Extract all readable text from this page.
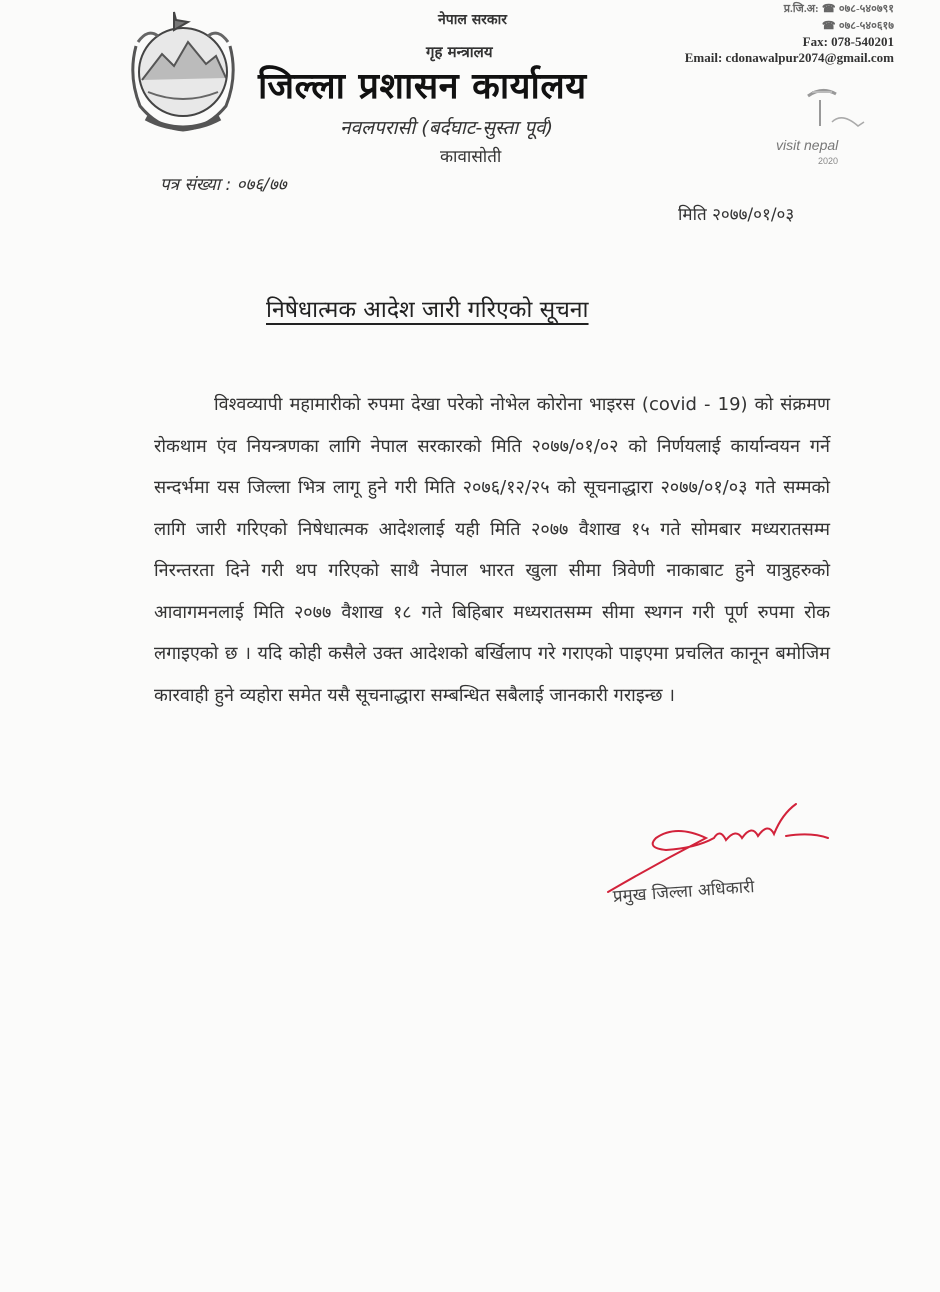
नेपाल सरकार
गृह मन्त्रालय
जिल्ला प्रशासन कार्यालय
नवलपरासी (बर्दघाट-सुस्ता पूर्व)
कावासोती
प्र.जि.अ: ☎ ०७८-५४०७९१
☎ ०७८-५४०६१७
Fax: 078-540201
Email: cdonawalpur2074@gmail.com
visit nepal
2020
पत्र संख्या : ०७६/७७
मिति २०७७/०१/०३
निषेधात्मक आदेश जारी गरिएको सूचना
विश्वव्यापी महामारीको रुपमा देखा परेको नोभेल कोरोना भाइरस (covid - 19) को संक्रमण रोकथाम एंव नियन्त्रणका लागि नेपाल सरकारको मिति २०७७/०१/०२ को निर्णयलाई कार्यान्वयन गर्ने सन्दर्भमा यस जिल्ला भित्र लागू हुने गरी मिति २०७६/१२/२५ को सूचनाद्धारा २०७७/०१/०३ गते सम्मको लागि जारी गरिएको निषेधात्मक आदेशलाई यही मिति २०७७ वैशाख १५ गते सोमबार मध्यरातसम्म निरन्तरता दिने गरी थप गरिएको साथै नेपाल भारत खुला सीमा त्रिवेणी नाकाबाट हुने यात्रुहरुको आवागमनलाई मिति २०७७ वैशाख १८ गते बिहिबार मध्यरातसम्म सीमा स्थगन गरी पूर्ण रुपमा रोक लगाइएको छ । यदि कोही कसैले उक्त आदेशको बर्खिलाप गरे गराएको पाइएमा प्रचलित कानून बमोजिम कारवाही हुने व्यहोरा समेत यसै सूचनाद्धारा सम्बन्धित सबैलाई जानकारी गराइन्छ ।
प्रमुख जिल्ला अधिकारी
